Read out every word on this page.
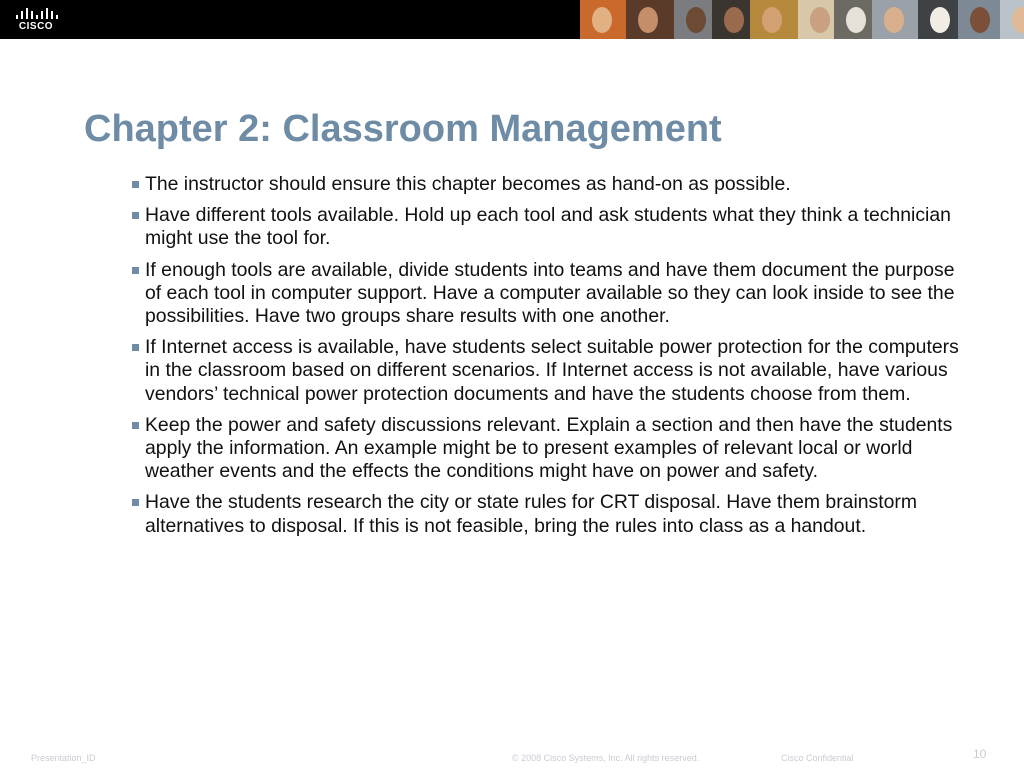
CISCO
Chapter 2: Classroom Management
The instructor should ensure this chapter becomes as hand-on as possible.
Have different tools available. Hold up each tool and ask students what they think a technician might use the tool for.
If enough tools are available, divide students into teams and have them document the purpose of each tool in computer support. Have a computer available so they can look inside to see the possibilities. Have two groups share results with one another.
If Internet access is available, have students select suitable power protection for the computers in the classroom based on different scenarios. If Internet access is not available, have various vendors’ technical power protection documents and have the students choose from them.
Keep the power and safety discussions relevant. Explain a section and then have the students apply the information. An example might be to present examples of relevant local or world weather events and the effects the conditions might have on power and safety.
Have the students research the city or state rules for CRT disposal. Have them brainstorm alternatives to disposal. If this is not feasible, bring the rules into class as a handout.
Presentation_ID	© 2008 Cisco Systems, Inc. All rights reserved.	Cisco Confidential	10
